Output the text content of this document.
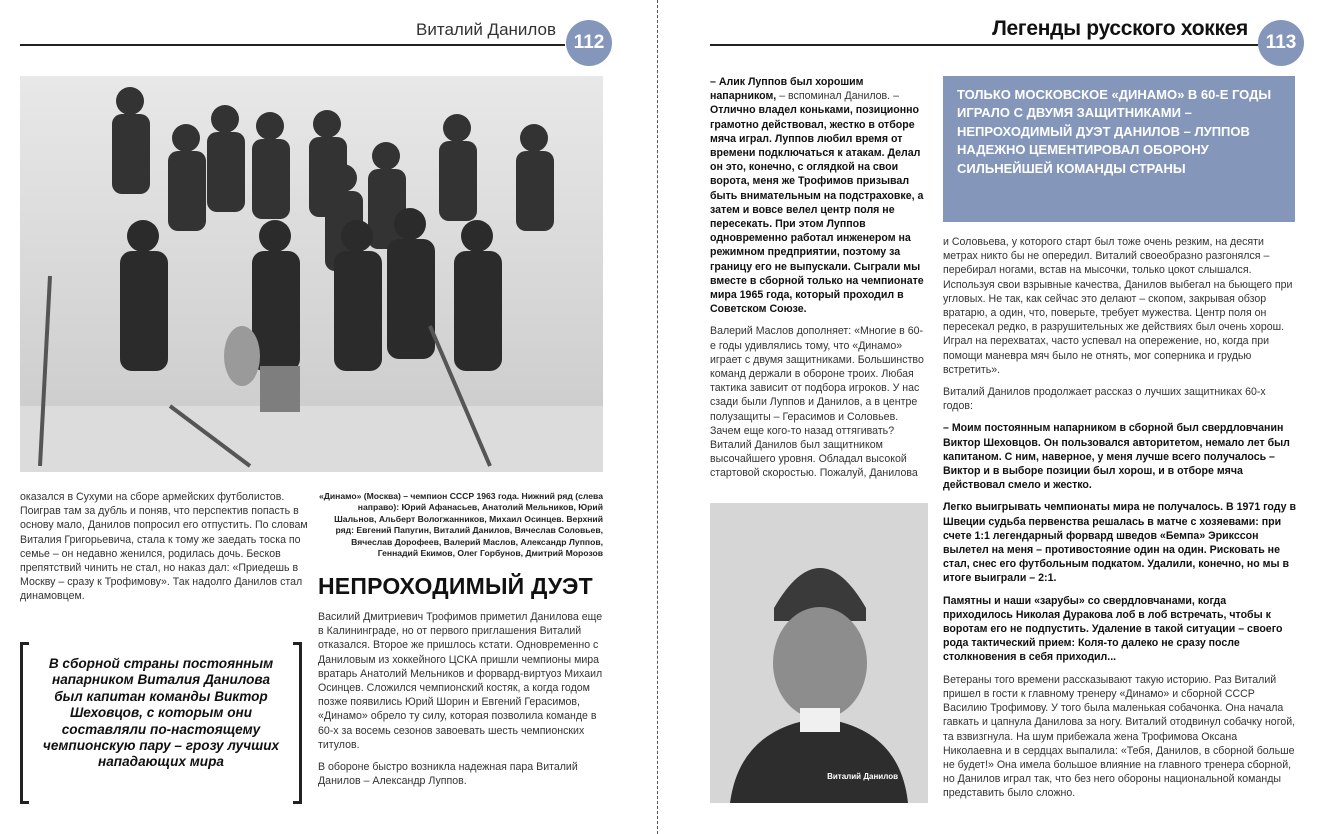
Виталий Данилов
112
оказался в Сухуми на сборе армейских футболистов. Поиграв там за дубль и поняв, что перспектив попасть в основу мало, Данилов попросил его отпустить. По словам Виталия Григорьевича, стала к тому же заедать тоска по семье – он недавно женился, родилась дочь. Бесков препятствий чинить не стал, но наказ дал: «Приедешь в Москву – сразу к Трофимову». Так надолго Данилов стал динамовцем.
«Динамо» (Москва) – чемпион СССР 1963 года. Нижний ряд (слева направо): Юрий Афанасьев, Анатолий Мельников, Юрий Шальнов, Альберт Вологжанников, Михаил Осинцев. Верхний ряд: Евгений Папугин, Виталий Данилов, Вячеслав Соловьев, Вячеслав Дорофеев, Валерий Маслов, Александр Луппов, Геннадий Екимов, Олег Горбунов, Дмитрий Морозов
НЕПРОХОДИМЫЙ ДУЭТ

Василий Дмитриевич Трофимов приметил Данилова еще в Калининграде, но от первого приглашения Виталий отказался. Второе же пришлось кстати. Одновременно с Даниловым из хоккейного ЦСКА пришли чемпионы мира вратарь Анатолий Мельников и форвард-виртуоз Михаил Осинцев. Сложился чемпионский костяк, а когда годом позже появились Юрий Шорин и Евгений Герасимов, «Динамо» обрело ту силу, которая позволила команде в 60-х за восемь сезонов завоевать шесть чемпионских титулов.

В обороне быстро возникла надежная пара Виталий Данилов – Александр Луппов.

В сборной страны постоянным напарником Виталия Данилова был капитан команды Виктор Шеховцов, с которым они составляли по-настоящему чемпионскую пару – грозу лучших нападающих мира
Легенды русского хоккея
113

– Алик Луппов был хорошим напарником, – вспоминал Данилов. – Отлично владел коньками, позиционно грамотно действовал, жестко в отборе мяча играл. Луппов любил время от времени подключаться к атакам. Делал он это, конечно, с оглядкой на свои ворота, меня же Трофимов призывал быть внимательным на подстраховке, а затем и вовсе велел центр поля не пересекать. При этом Луппов одновременно работал инженером на режимном предприятии, поэтому за границу его не выпускали. Сыграли мы вместе в сборной только на чемпионате мира 1965 года, который проходил в Советском Союзе.

Валерий Маслов дополняет: «Многие в 60-е годы удивлялись тому, что «Динамо» играет с двумя защитниками. Большинство команд держали в обороне троих. Любая тактика зависит от подбора игроков. У нас сзади были Луппов и Данилов, а в центре полузащиты – Герасимов и Соловьев. Зачем еще кого-то назад оттягивать? Виталий Данилов был защитником высочайшего уровня. Обладал высокой стартовой скоростью. Пожалуй, Данилова

Виталий Данилов
ТОЛЬКО МОСКОВСКОЕ «ДИНАМО» В 60-Е ГОДЫ ИГРАЛО С ДВУМЯ ЗАЩИТНИКАМИ – НЕПРОХОДИМЫЙ ДУЭТ ДАНИЛОВ – ЛУППОВ НАДЕЖНО ЦЕМЕНТИРОВАЛ ОБОРОНУ СИЛЬНЕЙШЕЙ КОМАНДЫ СТРАНЫ

и Соловьева, у которого старт был тоже очень резким, на десяти метрах никто бы не опередил. Виталий своеобразно разгонялся – перебирал ногами, встав на мысочки, только цокот слышался. Используя свои взрывные качества, Данилов выбегал на бьющего при угловых. Не так, как сейчас это делают – скопом, закрывая обзор вратарю, а один, что, поверьте, требует мужества. Центр поля он пересекал редко, в разрушительных же действиях был очень хорош. Играл на перехватах, часто успевал на опережение, но, когда при помощи маневра мяч было не отнять, мог соперника и грудью встретить».

Виталий Данилов продолжает рассказ о лучших защитниках 60-х годов:

– Моим постоянным напарником в сборной был свердловчанин Виктор Шеховцов. Он пользовался авторитетом, немало лет был капитаном. С ним, наверное, у меня лучше всего получалось – Виктор и в выборе позиции был хорош, и в отборе мяча действовал смело и жестко.

Легко выигрывать чемпионаты мира не получалось. В 1971 году в Швеции судьба первенства решалась в матче с хозяевами: при счете 1:1 легендарный форвард шведов «Бемпа» Эрикссон вылетел на меня – противостояние один на один. Рисковать не стал, снес его футбольным подкатом. Удалили, конечно, но мы в итоге выиграли – 2:1.

Памятны и наши «зарубы» со свердловчанами, когда приходилось Николая Дуракова лоб в лоб встречать, чтобы к воротам его не подпустить. Удаление в такой ситуации – своего рода тактический прием: Коля-то далеко не сразу после столкновения в себя приходил...

Ветераны того времени рассказывают такую историю. Раз Виталий пришел в гости к главному тренеру «Динамо» и сборной СССР Василию Трофимову. У того была маленькая собачонка. Она начала гавкать и цапнула Данилова за ногу. Виталий отодвинул собачку ногой, та взвизгнула. На шум прибежала жена Трофимова Оксана Николаевна и в сердцах выпалила: «Тебя, Данилов, в сборной больше не будет!» Она имела большое влияние на главного тренера сборной, но Данилов играл так, что без него обороны национальной команды представить было сложно.
